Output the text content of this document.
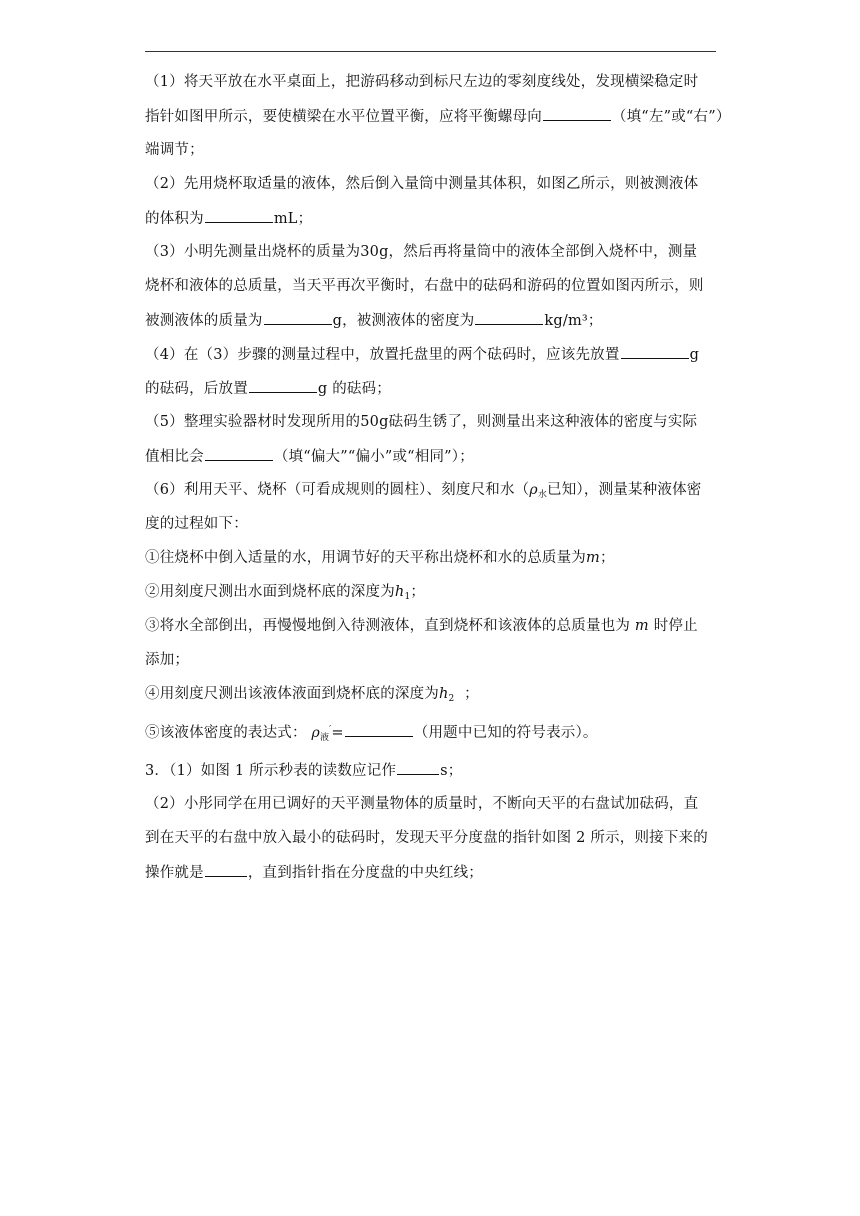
（1）将天平放在水平桌面上，把游码移动到标尺左边的零刻度线处，发现横梁稳定时
指针如图甲所示，要使横梁在水平位置平衡，应将平衡螺母向	（填“左”或“右”）
端调节；
（2）先用烧杯取适量的液体，然后倒入量筒中测量其体积，如图乙所示，则被测液体
的体积为	mL；
（3）小明先测量出烧杯的质量为30g，然后再将量筒中的液体全部倒入烧杯中，测量
烧杯和液体的总质量，当天平再次平衡时，右盘中的砝码和游码的位置如图丙所示，则
被测液体的质量为	g，被测液体的密度为	kg/m³；
（4）在（3）步骤的测量过程中，放置托盘里的两个砝码时，应该先放置	g
的砝码，后放置	g 的砝码；
（5）整理实验器材时发现所用的50g砝码生锈了，则测量出来这种液体的密度与实际
值相比会	（填“偏大”“偏小”或“相同”）；
（6）利用天平、烧杯（可看成规则的圆柱）、刻度尺和水（$\rho_水$已知），测量某种液体密
度的过程如下：
①往烧杯中倒入适量的水，用调节好的天平称出烧杯和水的总质量为m；
②用刻度尺测出水面到烧杯底的深度为$h_1$；
③将水全部倒出，再慢慢地倒入待测液体，直到烧杯和该液体的总质量也为 m 时停止
添加；
④用刻度尺测出该液体液面到烧杯底的深度为$h_2$ ；
⑤该液体密度的表达式： $\rho_液'=$	（用题中已知的符号表示）。
3．（1）如图 1 所示秒表的读数应记作	s；
（2）小彤同学在用已调好的天平测量物体的质量时，不断向天平的右盘试加砝码，直
到在天平的右盘中放入最小的砝码时，发现天平分度盘的指针如图 2 所示，则接下来的
操作就是	，直到指针指在分度盘的中央红线；
